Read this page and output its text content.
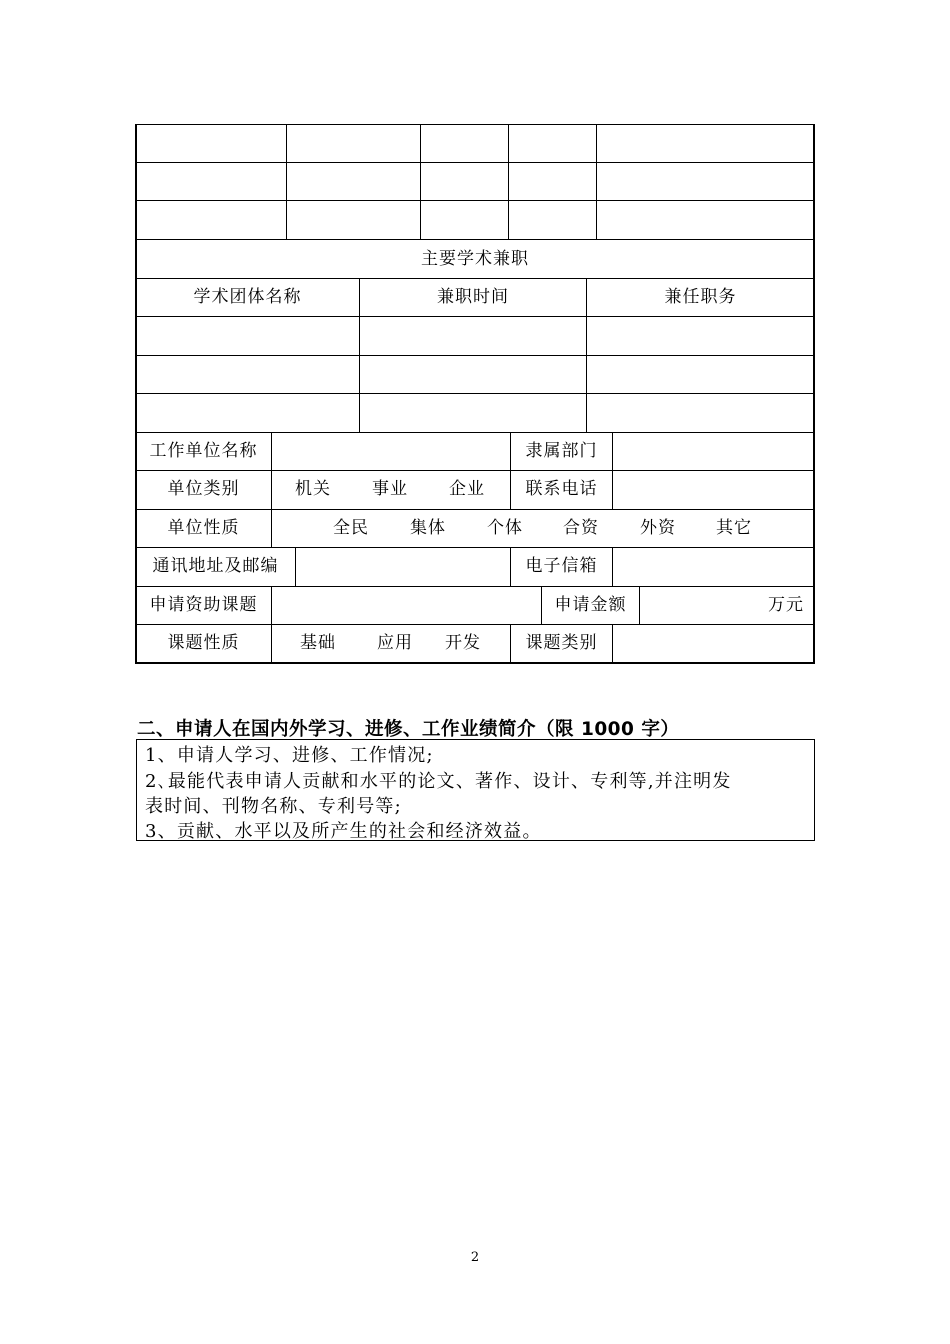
主要学术兼职
学术团体名称	兼职时间	兼任职务
工作单位名称	隶属部门
单位类别	机关 事业 企业	联系电话
单位性质	全民 集体 个体 合资 外资 其它
通讯地址及邮编	电子信箱
申请资助课题	申请金额	万元
课题性质	基础 应用 开发	课题类别
二、申请人在国内外学习、进修、工作业绩简介（限 1000 字）
1、申请人学习、进修、工作情况;
2､最能代表申请人贡献和水平的论文、著作、设计、专利等,并注明发
表时间、刊物名称、专利号等;
3、贡献、水平以及所产生的社会和经济效益。
2
